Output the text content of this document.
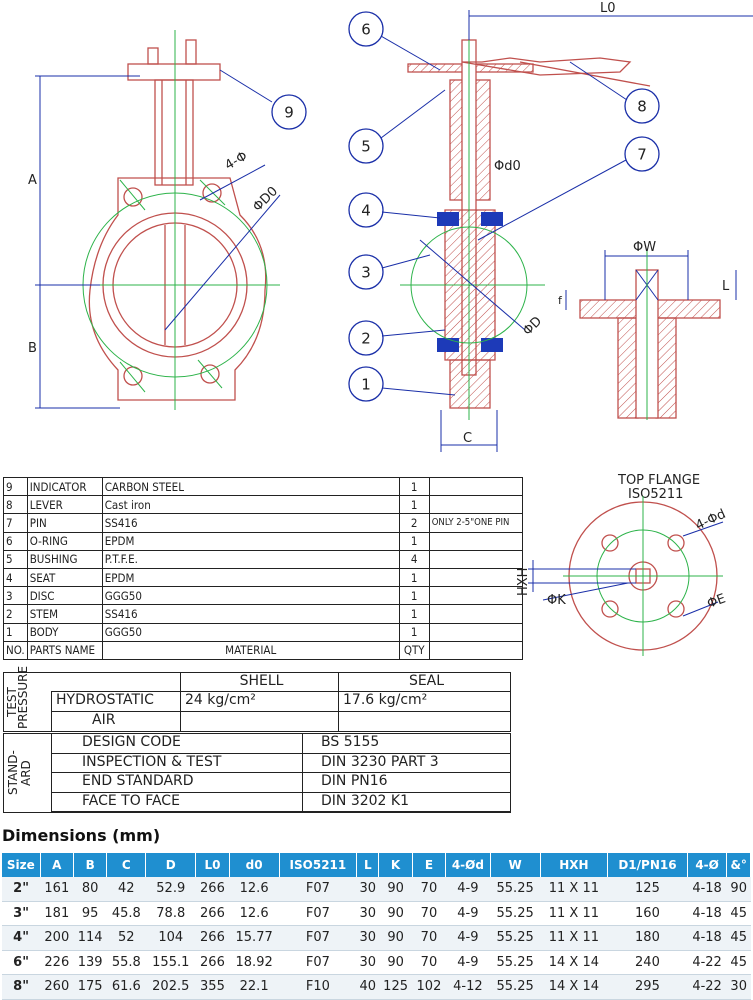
A
B
4-Φ
ΦD0
L0
Φd0
ΦD
C
9
6
5
4
3
2
1
7
8
ΦW
L
f
TOP FLANGE
ISO5211
4-Φd
HXH
ΦK	ΦE
9	INDICATOR	CARBON STEEL	1	
8	LEVER	Cast iron	1	
7	PIN	SS416	2	ONLY 2-5"ONE PIN
6	O-RING	EPDM	1	
5	BUSHING	P.T.F.E.	4	
4	SEAT	EPDM	1	
3	DISC	GGG50	1	
2	STEM	SS416	1	
1	BODY	GGG50	1	
NO.	PARTS NAME	MATERIAL	QTY	
TEST
PRESSURE	SHELL	SEAL
HYDROSTATIC	24 kg/cm²	17.6 kg/cm²
AIR
STAND-
ARD
DESIGN CODE	BS 5155
INSPECTION & TEST	DIN 3230 PART 3
END STANDARD	DIN PN16
FACE TO FACE	DIN 3202 K1
Dimensions (mm)
Size	A	B	C	D	L0	d0	ISO5211	L	K	E	4-Ød	W	HXH	D1/PN16	4-Ø	&°
2"	161	80	42	52.9	266	12.6	F07	30	90	70	4-9	55.25	11 X 11	125	4-18	90
3"	181	95	45.8	78.8	266	12.6	F07	30	90	70	4-9	55.25	11 X 11	160	4-18	45
4"	200	114	52	104	266	15.77	F07	30	90	70	4-9	55.25	11 X 11	180	4-18	45
6"	226	139	55.8	155.1	266	18.92	F07	30	90	70	4-9	55.25	14 X 14	240	4-22	45
8"	260	175	61.6	202.5	355	22.1	F10	40	125	102	4-12	55.25	14 X 14	295	4-22	30
